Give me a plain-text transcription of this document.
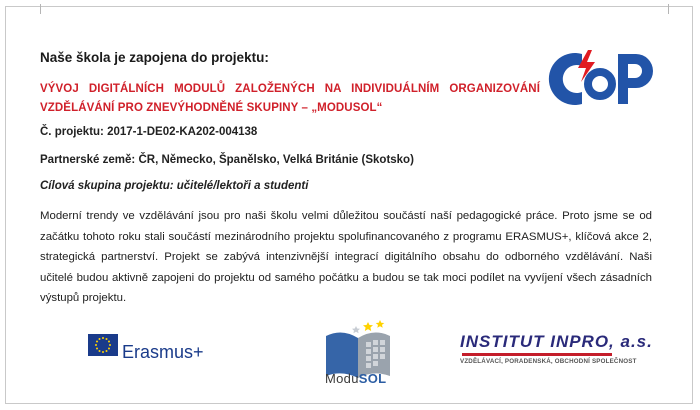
Naše škola je zapojena do projektu:

VÝVOJ DIGITÁLNÍCH MODULŮ ZALOŽENÝCH NA INDIVIDUÁLNÍM ORGANIZOVÁNÍ VZDĚLÁVÁNÍ PRO ZNEVÝHODNĚNÉ SKUPINY – „MODUSOL“
Č. projektu: 2017-1-DE02-KA202-004138
Partnerské země: ČR, Německo, Španělsko, Velká Británie (Skotsko)
Cílová skupina projektu: učitelé/lektoři a studenti
Moderní trendy ve vzdělávání jsou pro naši školu velmi důležitou součástí naší pedagogické práce. Proto jsme se od začátku tohoto roku stali součástí mezinárodního projektu spolufinancovaného z programu ERASMUS+, klíčová akce 2, strategická partnerství. Projekt se zabývá intenzivnější integrací digitálního obsahu do odborného vzdělávání. Naši učitelé budou aktivně zapojeni do projektu od samého počátku a budou se tak moci podílet na vyvíjení všech zásadních výstupů projektu.
Erasmus+
ModuSOL

INSTITUT INPRO, a.s.

VZDĚLÁVACÍ, PORADENSKÁ, OBCHODNÍ SPOLEČNOST
